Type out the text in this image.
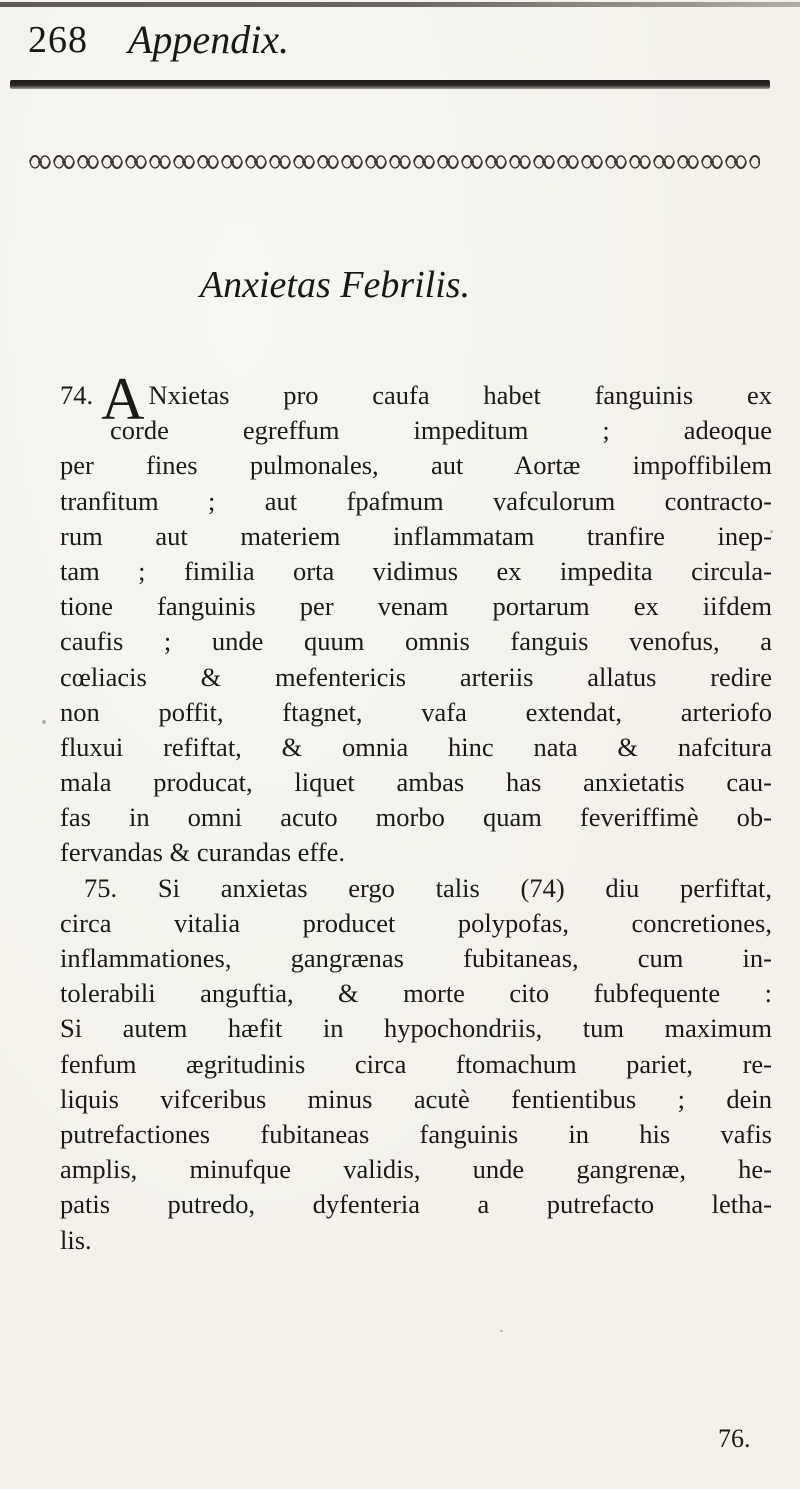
268 Appendix.
Anxietas Febrilis.
74. A Nxietas pro caufa habet fanguinis ex
corde egreffum impeditum ; adeoque
per fines pulmonales, aut Aortæ impoffibilem
tranfitum ; aut fpafmum vafculorum contracto-
rum aut materiem inflammatam tranfire inep-
tam ; fimilia orta vidimus ex impedita circula-
tione fanguinis per venam portarum ex iifdem
caufis ; unde quum omnis fanguis venofus, a
cœliacis & mefentericis arteriis allatus redire
non poffit, ftagnet, vafa extendat, arteriofo
fluxui refiftat, & omnia hinc nata & nafcitura
mala producat, liquet ambas has anxietatis cau-
fas in omni acuto morbo quam feveriffimè ob-
fervandas & curandas effe.
75. Si anxietas ergo talis (74) diu perfiftat,
circa vitalia producet polypofas, concretiones,
inflammationes, gangrænas fubitaneas, cum in-
tolerabili anguftia, & morte cito fubfequente :
Si autem hæfit in hypochondriis, tum maximum
fenfum ægritudinis circa ftomachum pariet, re-
liquis vifceribus minus acutè fentientibus ; dein
putrefactiones fubitaneas fanguinis in his vafis
amplis, minufque validis, unde gangrenæ, he-
patis putredo, dyfenteria a putrefacto letha-
lis.
76.
